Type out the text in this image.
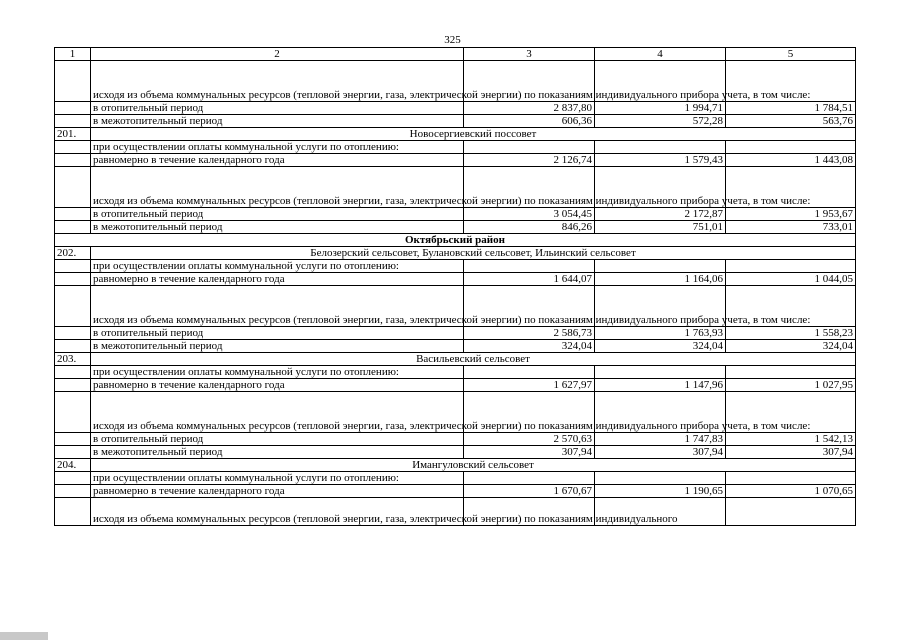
325
1	2	3	4	5
	исходя из объема коммунальных ресурсов (тепловой энергии, газа, электрической энергии) по показаниям индивидуального прибора учета, в том числе:			
	в отопительный период	2 837,80	1 994,71	1 784,51
	в межотопительный период	606,36	572,28	563,76
201.	Новосергиевский поссовет			
	при осуществлении оплаты коммунальной услуги по отоплению:			
	равномерно в течение календарного года	2 126,74	1 579,43	1 443,08
	исходя из объема коммунальных ресурсов (тепловой энергии, газа, электрической энергии) по показаниям индивидуального прибора учета, в том числе:			
	в отопительный период	3 054,45	2 172,87	1 953,67
	в межотопительный период	846,26	751,01	733,01
Октябрьский район				
202.	Белозерский сельсовет, Булановский сельсовет, Ильинский сельсовет			
	при осуществлении оплаты коммунальной услуги по отоплению:			
	равномерно в течение календарного года	1 644,07	1 164,06	1 044,05
	исходя из объема коммунальных ресурсов (тепловой энергии, газа, электрической энергии) по показаниям индивидуального прибора учета, в том числе:			
	в отопительный период	2 586,73	1 763,93	1 558,23
	в межотопительный период	324,04	324,04	324,04
203.	Васильевский сельсовет			
	при осуществлении оплаты коммунальной услуги по отоплению:			
	равномерно в течение календарного года	1 627,97	1 147,96	1 027,95
	исходя из объема коммунальных ресурсов (тепловой энергии, газа, электрической энергии) по показаниям индивидуального прибора учета, в том числе:			
	в отопительный период	2 570,63	1 747,83	1 542,13
	в межотопительный период	307,94	307,94	307,94
204.	Имангуловский сельсовет			
	при осуществлении оплаты коммунальной услуги по отоплению:			
	равномерно в течение календарного года	1 670,67	1 190,65	1 070,65
	исходя из объема коммунальных ресурсов (тепловой энергии, газа, электрической энергии) по показаниям индивидуального			
